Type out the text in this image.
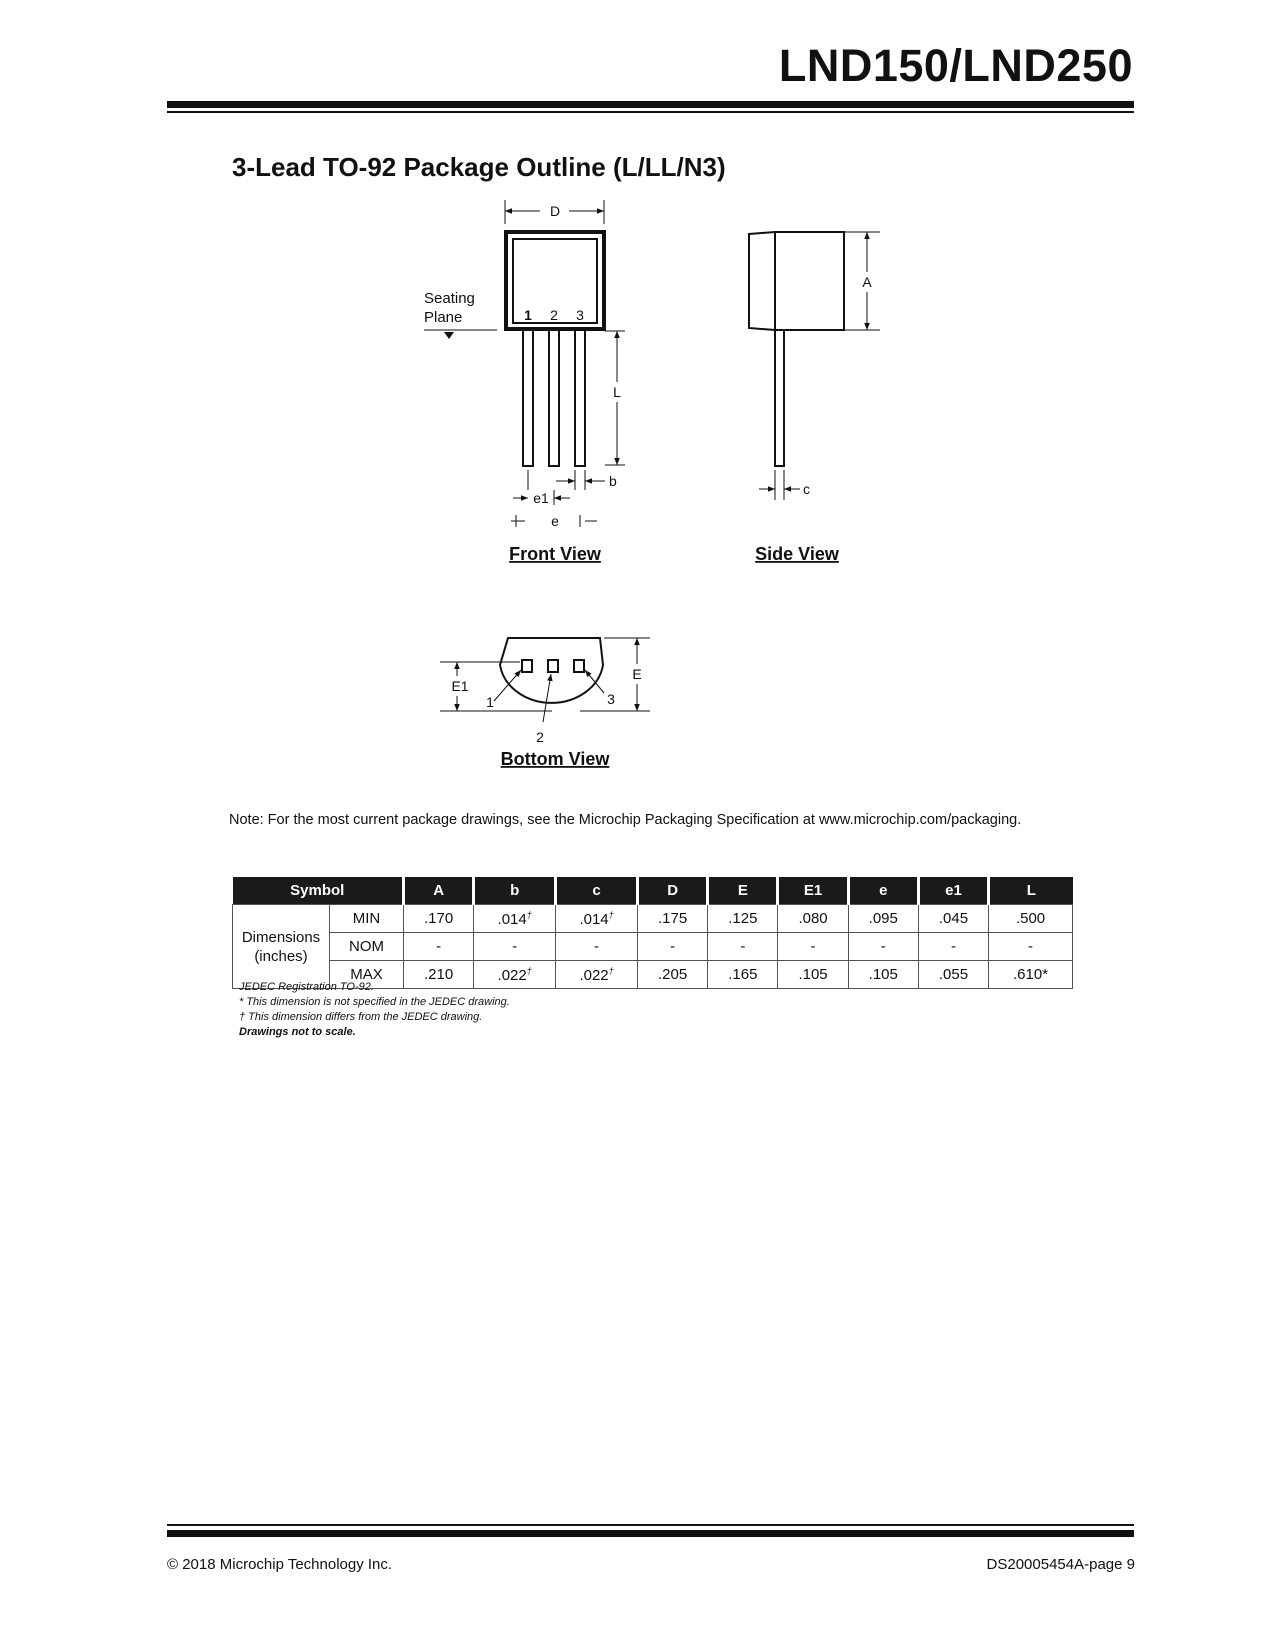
LND150/LND250
3-Lead TO-92 Package Outline (L/LL/N3)
D
1 2 3
Seating
Plane
L
b
e1
e
Front View
A
c
Side View
E1
E
1
2
3
Bottom View
Note: For the most current package drawings, see the Microchip Packaging Specification at www.microchip.com/packaging.
Symbol		A	b	c	D	E	E1	e	e1	L
Dimensions
(inches)	MIN	.170	.014†	.014†	.175	.125	.080	.095	.045	.500
	NOM	-	-	-	-	-	-	-	-	-
	MAX	.210	.022†	.022†	.205	.165	.105	.105	.055	.610*
JEDEC Registration TO-92.
* This dimension is not specified in the JEDEC drawing.
† This dimension differs from the JEDEC drawing.
Drawings not to scale.
© 2018 Microchip Technology Inc.	DS20005454A-page 9
